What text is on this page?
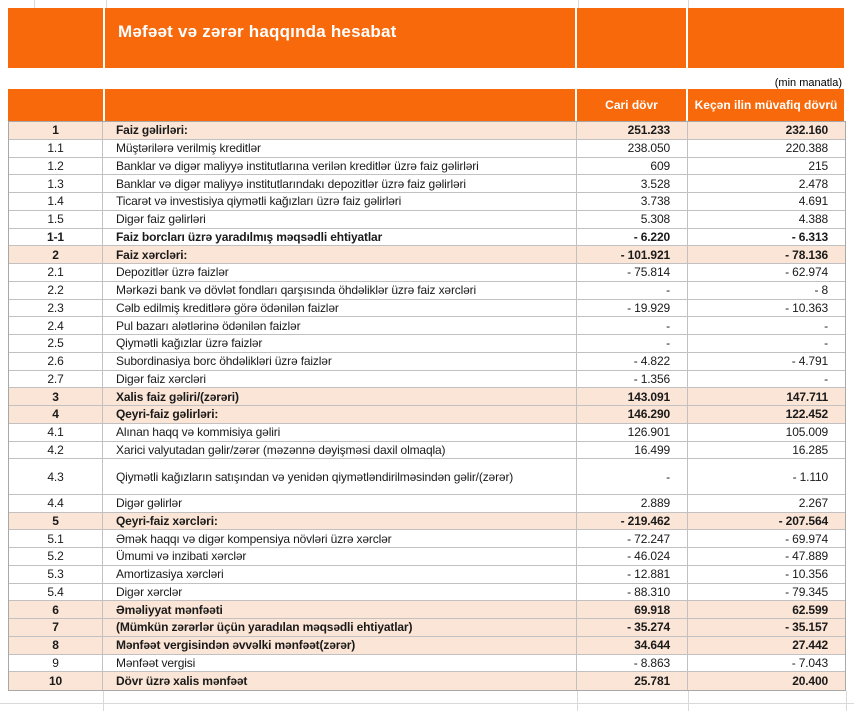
Məfəət və zərər haqqında hesabat
(min manatla)
Cari dövr	Keçən ilin müvafiq dövrü
1	Faiz gəlirləri:	251.233	232.160
1.1	Müştərilərə verilmiş kreditlər	238.050	220.388
1.2	Banklar və digər maliyyə institutlarına verilən kreditlər üzrə faiz gəlirləri	609	215
1.3	Banklar və digər maliyyə institutlarındakı depozitlər üzrə faiz gəlirləri	3.528	2.478
1.4	Ticarət və investisiya qiymətli kağızları üzrə faiz gəlirləri	3.738	4.691
1.5	Digər faiz gəlirləri	5.308	4.388
1-1	Faiz borcları üzrə yaradılmış məqsədli ehtiyatlar	- 6.220	- 6.313
2	Faiz xərcləri:	- 101.921	- 78.136
2.1	Depozitlər üzrə faizlər	- 75.814	- 62.974
2.2	Mərkəzi bank və dövlət fondları qarşısında öhdəliklər üzrə faiz xərcləri	-	- 8
2.3	Cəlb edilmiş kreditlərə görə ödənilən faizlər	- 19.929	- 10.363
2.4	Pul bazarı alətlərinə ödənilən faizlər	-	-
2.5	Qiymətli kağızlar üzrə faizlər	-	-
2.6	Subordinasiya borc öhdəlikləri üzrə faizlər	- 4.822	- 4.791
2.7	Digər faiz xərcləri	- 1.356	-
3	Xalis faiz gəliri/(zərəri)	143.091	147.711
4	Qeyri-faiz gəlirləri:	146.290	122.452
4.1	Alınan haqq və kommisiya gəliri	126.901	105.009
4.2	Xarici valyutadan gəlir/zərər (məzənnə dəyişməsi daxil olmaqla)	16.499	16.285
4.3	Qiymətli kağızların satışından və yenidən qiymətləndirilməsindən gəlir/(zərər)	-	- 1.110
4.4	Digər gəlirlər	2.889	2.267
5	Qeyri-faiz xərcləri:	- 219.462	- 207.564
5.1	Əmək haqqı və digər kompensiya növləri üzrə xərclər	- 72.247	- 69.974
5.2	Ümumi və inzibati xərclər	- 46.024	- 47.889
5.3	Amortizasiya xərcləri	- 12.881	- 10.356
5.4	Digər xərclər	- 88.310	- 79.345
6	Əməliyyat mənfəəti	69.918	62.599
7	(Mümkün zərərlər üçün yaradılan məqsədli ehtiyatlar)	- 35.274	- 35.157
8	Mənfəət vergisindən əvvəlki mənfəət(zərər)	34.644	27.442
9	Mənfəət vergisi	- 8.863	- 7.043
10	Dövr üzrə xalis mənfəət	25.781	20.400
